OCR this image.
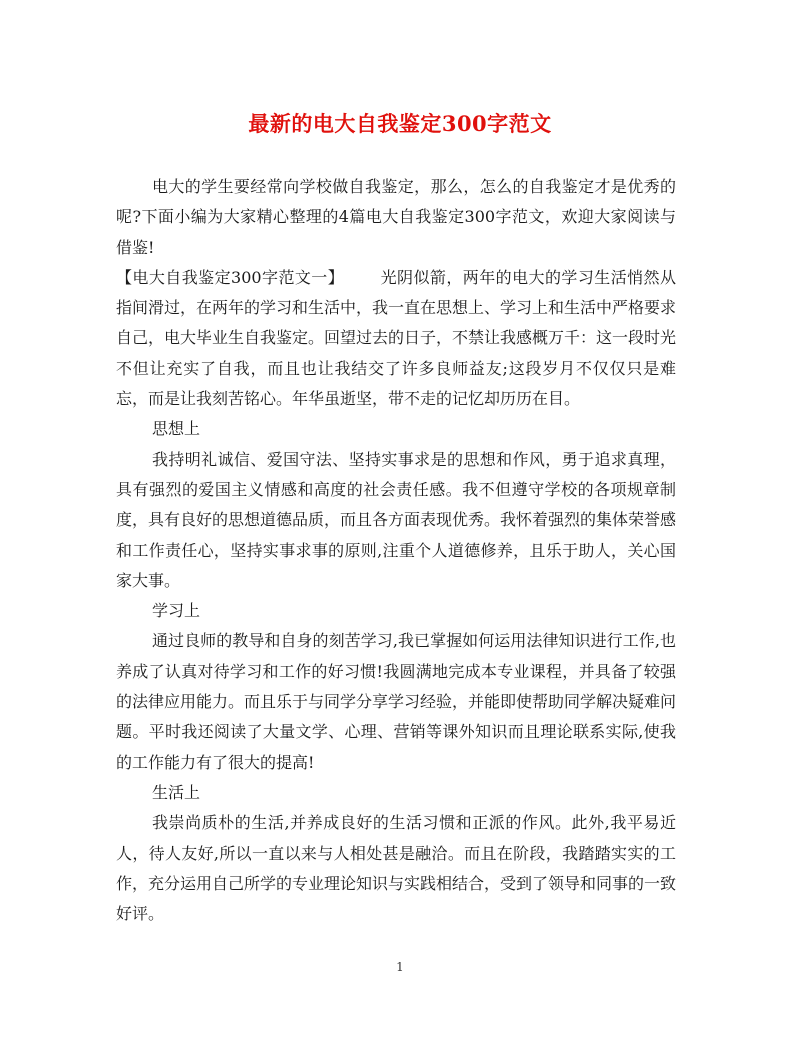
最新的电大自我鉴定300字范文

电大的学生要经常向学校做自我鉴定，那么，怎么的自我鉴定才是优秀的呢?下面小编为大家精心整理的4篇电大自我鉴定300字范文，欢迎大家阅读与借鉴!

【电大自我鉴定300字范文一】 光阴似箭，两年的电大的学习生活悄然从指间滑过，在两年的学习和生活中，我一直在思想上、学习上和生活中严格要求自己，电大毕业生自我鉴定。回望过去的日子，不禁让我感概万千：这一段时光不但让充实了自我，而且也让我结交了许多良师益友;这段岁月不仅仅只是难忘，而是让我刻苦铭心。年华虽逝坚，带不走的记忆却历历在目。

思想上

我持明礼诚信、爱国守法、坚持实事求是的思想和作风，勇于追求真理，具有强烈的爱国主义情感和高度的社会责任感。我不但遵守学校的各项规章制度，具有良好的思想道德品质，而且各方面表现优秀。我怀着强烈的集体荣誉感和工作责任心，坚持实事求事的原则,注重个人道德修养，且乐于助人，关心国家大事。

学习上

通过良师的教导和自身的刻苦学习,我已掌握如何运用法律知识进行工作,也养成了认真对待学习和工作的好习惯!我圆满地完成本专业课程，并具备了较强的法律应用能力。而且乐于与同学分享学习经验，并能即使帮助同学解决疑难问题。平时我还阅读了大量文学、心理、营销等课外知识而且理论联系实际,使我的工作能力有了很大的提高!

生活上

我崇尚质朴的生活,并养成良好的生活习惯和正派的作风。此外,我平易近人，待人友好,所以一直以来与人相处甚是融洽。而且在阶段，我踏踏实实的工作，充分运用自己所学的专业理论知识与实践相结合，受到了领导和同事的一致好评。

1
